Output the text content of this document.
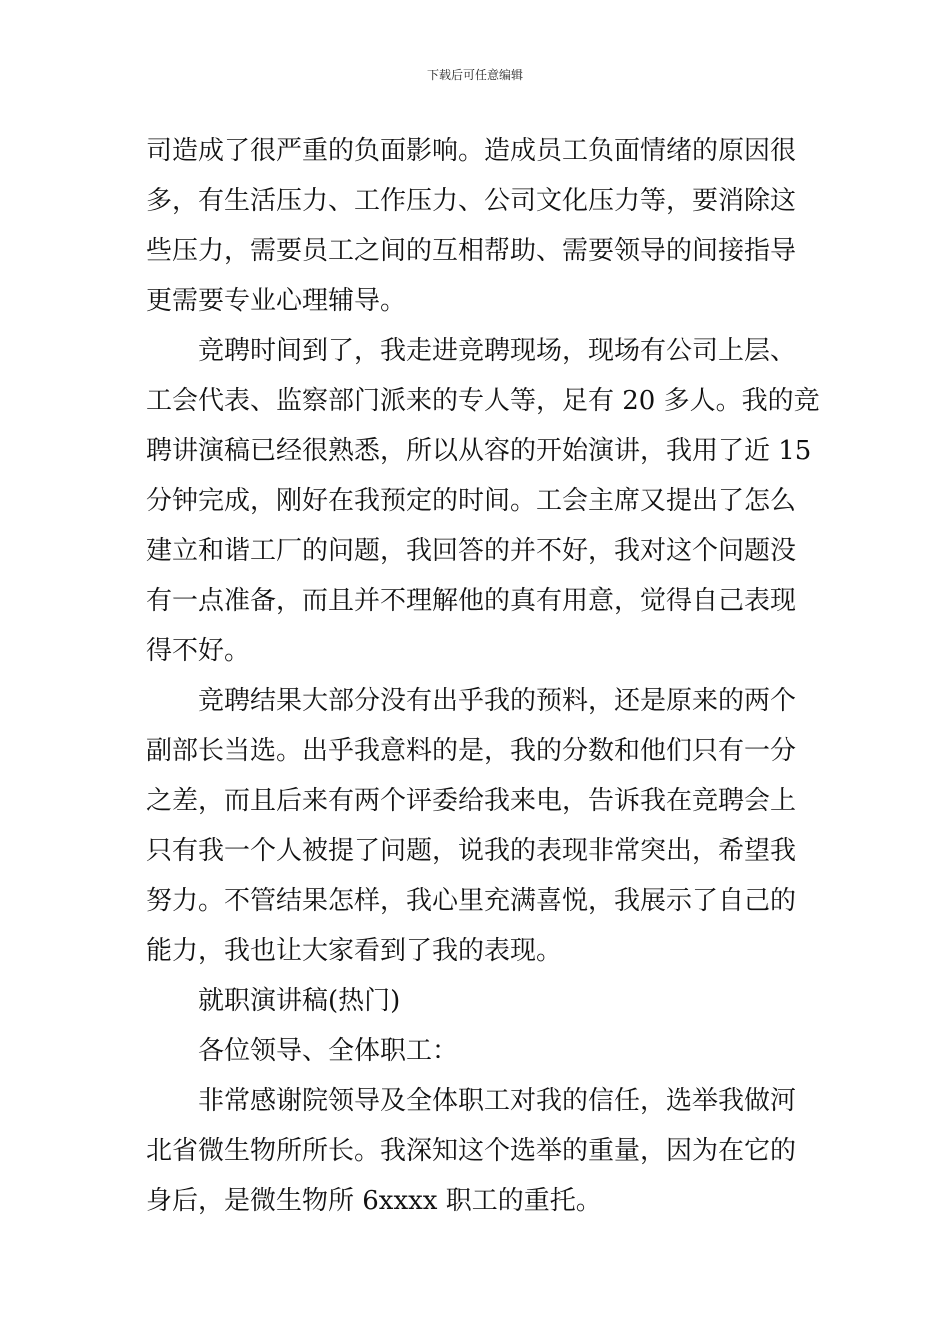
下载后可任意编辑
司造成了很严重的负面影响。造成员工负面情绪的原因很
多，有生活压力、工作压力、公司文化压力等，要消除这
些压力，需要员工之间的互相帮助、需要领导的间接指导
更需要专业心理辅导。
竞聘时间到了，我走进竞聘现场，现场有公司上层、
工会代表、监察部门派来的专人等，足有 20 多人。我的竞
聘讲演稿已经很熟悉，所以从容的开始演讲，我用了近 15
分钟完成，刚好在我预定的时间。工会主席又提出了怎么
建立和谐工厂的问题，我回答的并不好，我对这个问题没
有一点准备，而且并不理解他的真有用意，觉得自己表现
得不好。
竞聘结果大部分没有出乎我的预料，还是原来的两个
副部长当选。出乎我意料的是，我的分数和他们只有一分
之差，而且后来有两个评委给我来电，告诉我在竞聘会上
只有我一个人被提了问题，说我的表现非常突出，希望我
努力。不管结果怎样，我心里充满喜悦，我展示了自己的
能力，我也让大家看到了我的表现。
就职演讲稿(热门)
各位领导、全体职工：
非常感谢院领导及全体职工对我的信任，选举我做河
北省微生物所所长。我深知这个选举的重量，因为在它的
身后，是微生物所 6xxxx 职工的重托。
